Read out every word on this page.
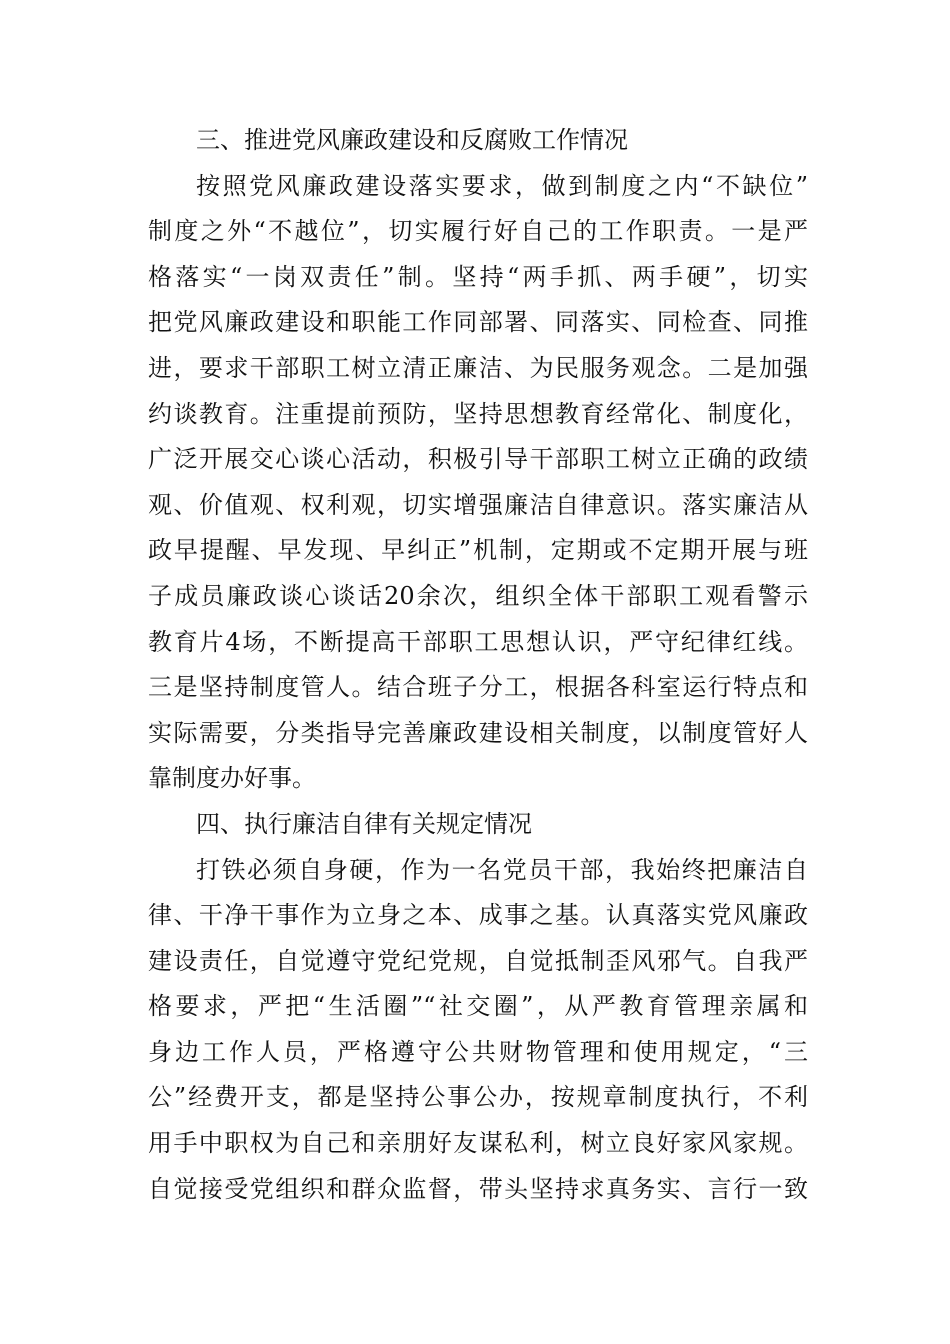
三、推进党风廉政建设和反腐败工作情况
按照党风廉政建设落实要求，做到制度之内“不缺位”
制度之外“不越位”，切实履行好自己的工作职责。一是严
格落实“一岗双责任”制。坚持“两手抓、两手硬”，切实
把党风廉政建设和职能工作同部署、同落实、同检查、同推
进，要求干部职工树立清正廉洁、为民服务观念。二是加强
约谈教育。注重提前预防，坚持思想教育经常化、制度化，
广泛开展交心谈心活动，积极引导干部职工树立正确的政绩
观、价值观、权利观，切实增强廉洁自律意识。落实廉洁从
政早提醒、早发现、早纠正”机制，定期或不定期开展与班
子成员廉政谈心谈话20余次，组织全体干部职工观看警示
教育片4场，不断提高干部职工思想认识，严守纪律红线。
三是坚持制度管人。结合班子分工，根据各科室运行特点和
实际需要，分类指导完善廉政建设相关制度，以制度管好人
靠制度办好事。
四、执行廉洁自律有关规定情况
打铁必须自身硬，作为一名党员干部，我始终把廉洁自
律、干净干事作为立身之本、成事之基。认真落实党风廉政
建设责任，自觉遵守党纪党规，自觉抵制歪风邪气。自我严
格要求，严把“生活圈”“社交圈”，从严教育管理亲属和
身边工作人员，严格遵守公共财物管理和使用规定，“三
公”经费开支，都是坚持公事公办，按规章制度执行，不利
用手中职权为自己和亲朋好友谋私利，树立良好家风家规。
自觉接受党组织和群众监督，带头坚持求真务实、言行一致
